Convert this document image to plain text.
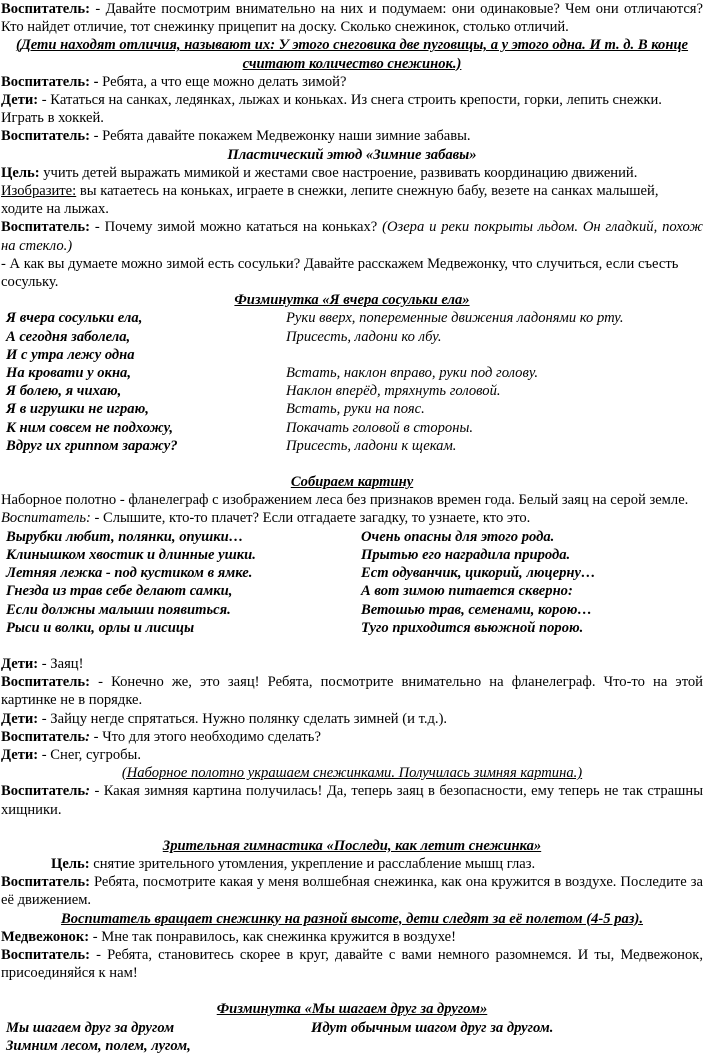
Воспитатель: - Давайте посмотрим внимательно на них и подумаем: они одинаковые? Чем они отличаются? Кто найдет отличие, тот снежинку прицепит на доску. Сколько снежинок, столько отличий.

(Дети находят отличия, называют их: У этого снеговика две пуговицы, а у этого одна. И т. д. В конце считают количество снежинок.)

Воспитатель: - Ребята, а что еще можно делать зимой?

Дети: - Кататься на санках, ледянках, лыжах и коньках. Из снега строить крепости, горки, лепить снежки. Играть в хоккей.

Воспитатель: - Ребята давайте покажем Медвежонку наши зимние забавы.

Пластический этюд «Зимние забавы»

Цель: учить детей выражать мимикой и жестами свое настроение, развивать координацию движений.

Изобразите: вы катаетесь на коньках, играете в снежки, лепите снежную бабу, везете на санках малышей, ходите на лыжах.

Воспитатель: - Почему зимой можно кататься на коньках? (Озера и реки покрыты льдом. Он гладкий, похож на стекло.)

- А как вы думаете можно зимой есть сосульки? Давайте расскажем Медвежонку, что случиться, если съесть сосульку.

Физминутка «Я вчера сосульки ела»

Я вчера сосульки ела,	Руки вверх, попеременные движения ладонями ко рту.
А сегодня заболела,	Присесть, ладони ко лбу.
И с утра лежу одна
На кровати у окна,	Встать, наклон вправо, руки под голову.
Я болею, я чихаю,	Наклон вперёд, тряхнуть головой.
Я в игрушки не играю,	Встать, руки на пояс.
К ним совсем не подхожу,	Покачать головой в стороны.
Вдруг их гриппом заражу?	Присесть, ладони к щекам.

Собираем картину

Наборное полотно - фланелеграф с изображением леса без признаков времен года. Белый заяц на серой земле.

Воспитатель: - Слышите, кто-то плачет? Если отгадаете загадку, то узнаете, кто это.

Вырубки любит, полянки, опушки…	Очень опасны для этого рода.
Клинышком хвостик и длинные ушки.	Прытью его наградила природа.
Летняя лежка - под кустиком в ямке.	Ест одуванчик, цикорий, люцерну…
Гнезда из трав себе делают самки,	А вот зимою питается скверно:
Если должны малыши появиться.	Ветошью трав, семенами, корою…
Рыси и волки, орлы и лисицы	Туго приходится вьюжной порою.

Дети: - Заяц!

Воспитатель: - Конечно же, это заяц! Ребята, посмотрите внимательно на фланелеграф. Что-то на этой картинке не в порядке.

Дети: - Зайцу негде спрятаться. Нужно полянку сделать зимней (и т.д.).

Воспитатель: - Что для этого необходимо сделать?

Дети: - Снег, сугробы.

(Наборное полотно украшаем снежинками. Получилась зимняя картина.)

Воспитатель: - Какая зимняя картина получилась! Да, теперь заяц в безопасности, ему теперь не так страшны хищники.

Зрительная гимнастика «Последи, как летит снежинка»

Цель: снятие зрительного утомления, укрепление и расслабление мышц глаз.

Воспитатель: Ребята, посмотрите какая у меня волшебная снежинка, как она кружится в воздухе. Последите за её движением.

Воспитатель вращает снежинку на разной высоте, дети следят за её полетом (4-5 раз).

Медвежонок: - Мне так понравилось, как снежинка кружится в воздухе!

Воспитатель: - Ребята, становитесь скорее в круг, давайте с вами немного разомнемся. И ты, Медвежонок, присоединяйся к нам!

Физминутка «Мы шагаем друг за другом»

Мы шагаем друг за другом	Идут обычным шагом друг за другом.
Зимним лесом, полем, лугом,
